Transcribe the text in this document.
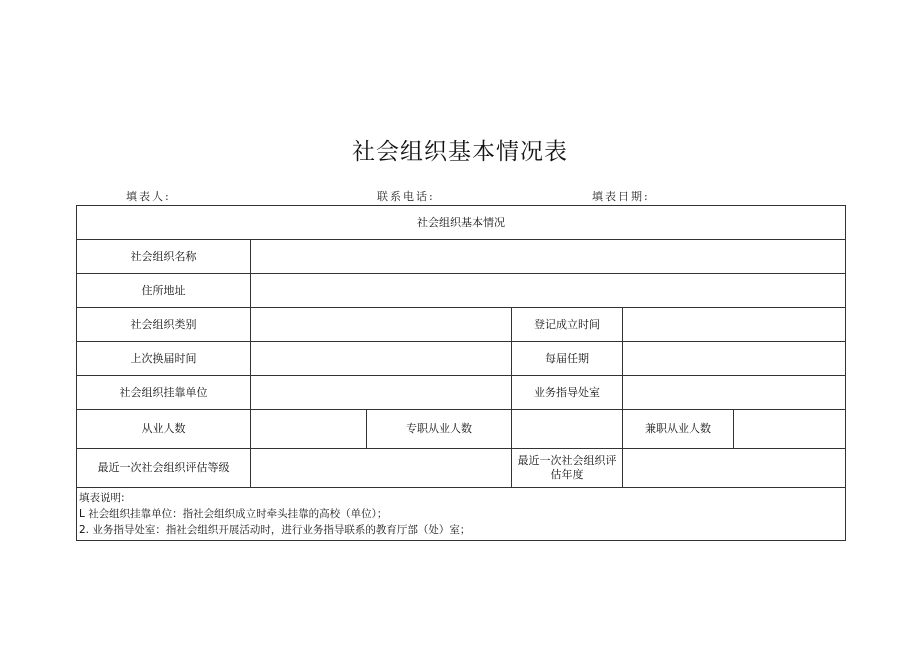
社会组织基本情况表
填表人:	联系电话:	填表日期:
社会组织基本情况					
社会组织名称					
住所地址					
社会组织类别			登记成立时间		
上次换届时间			每届任期		
社会组织挂靠单位			业务指导处室		
从业人数		专职从业人数		兼职从业人数	
最近一次社会组织评估等级			最近一次社会组织评估年度		

填表说明:
L 社会组织挂靠单位：指社会组织成立时牵头挂靠的高校（单位）；
2. 业务指导处室：指社会组织开展活动时，进行业务指导联系的教育厅部（处）室；					
